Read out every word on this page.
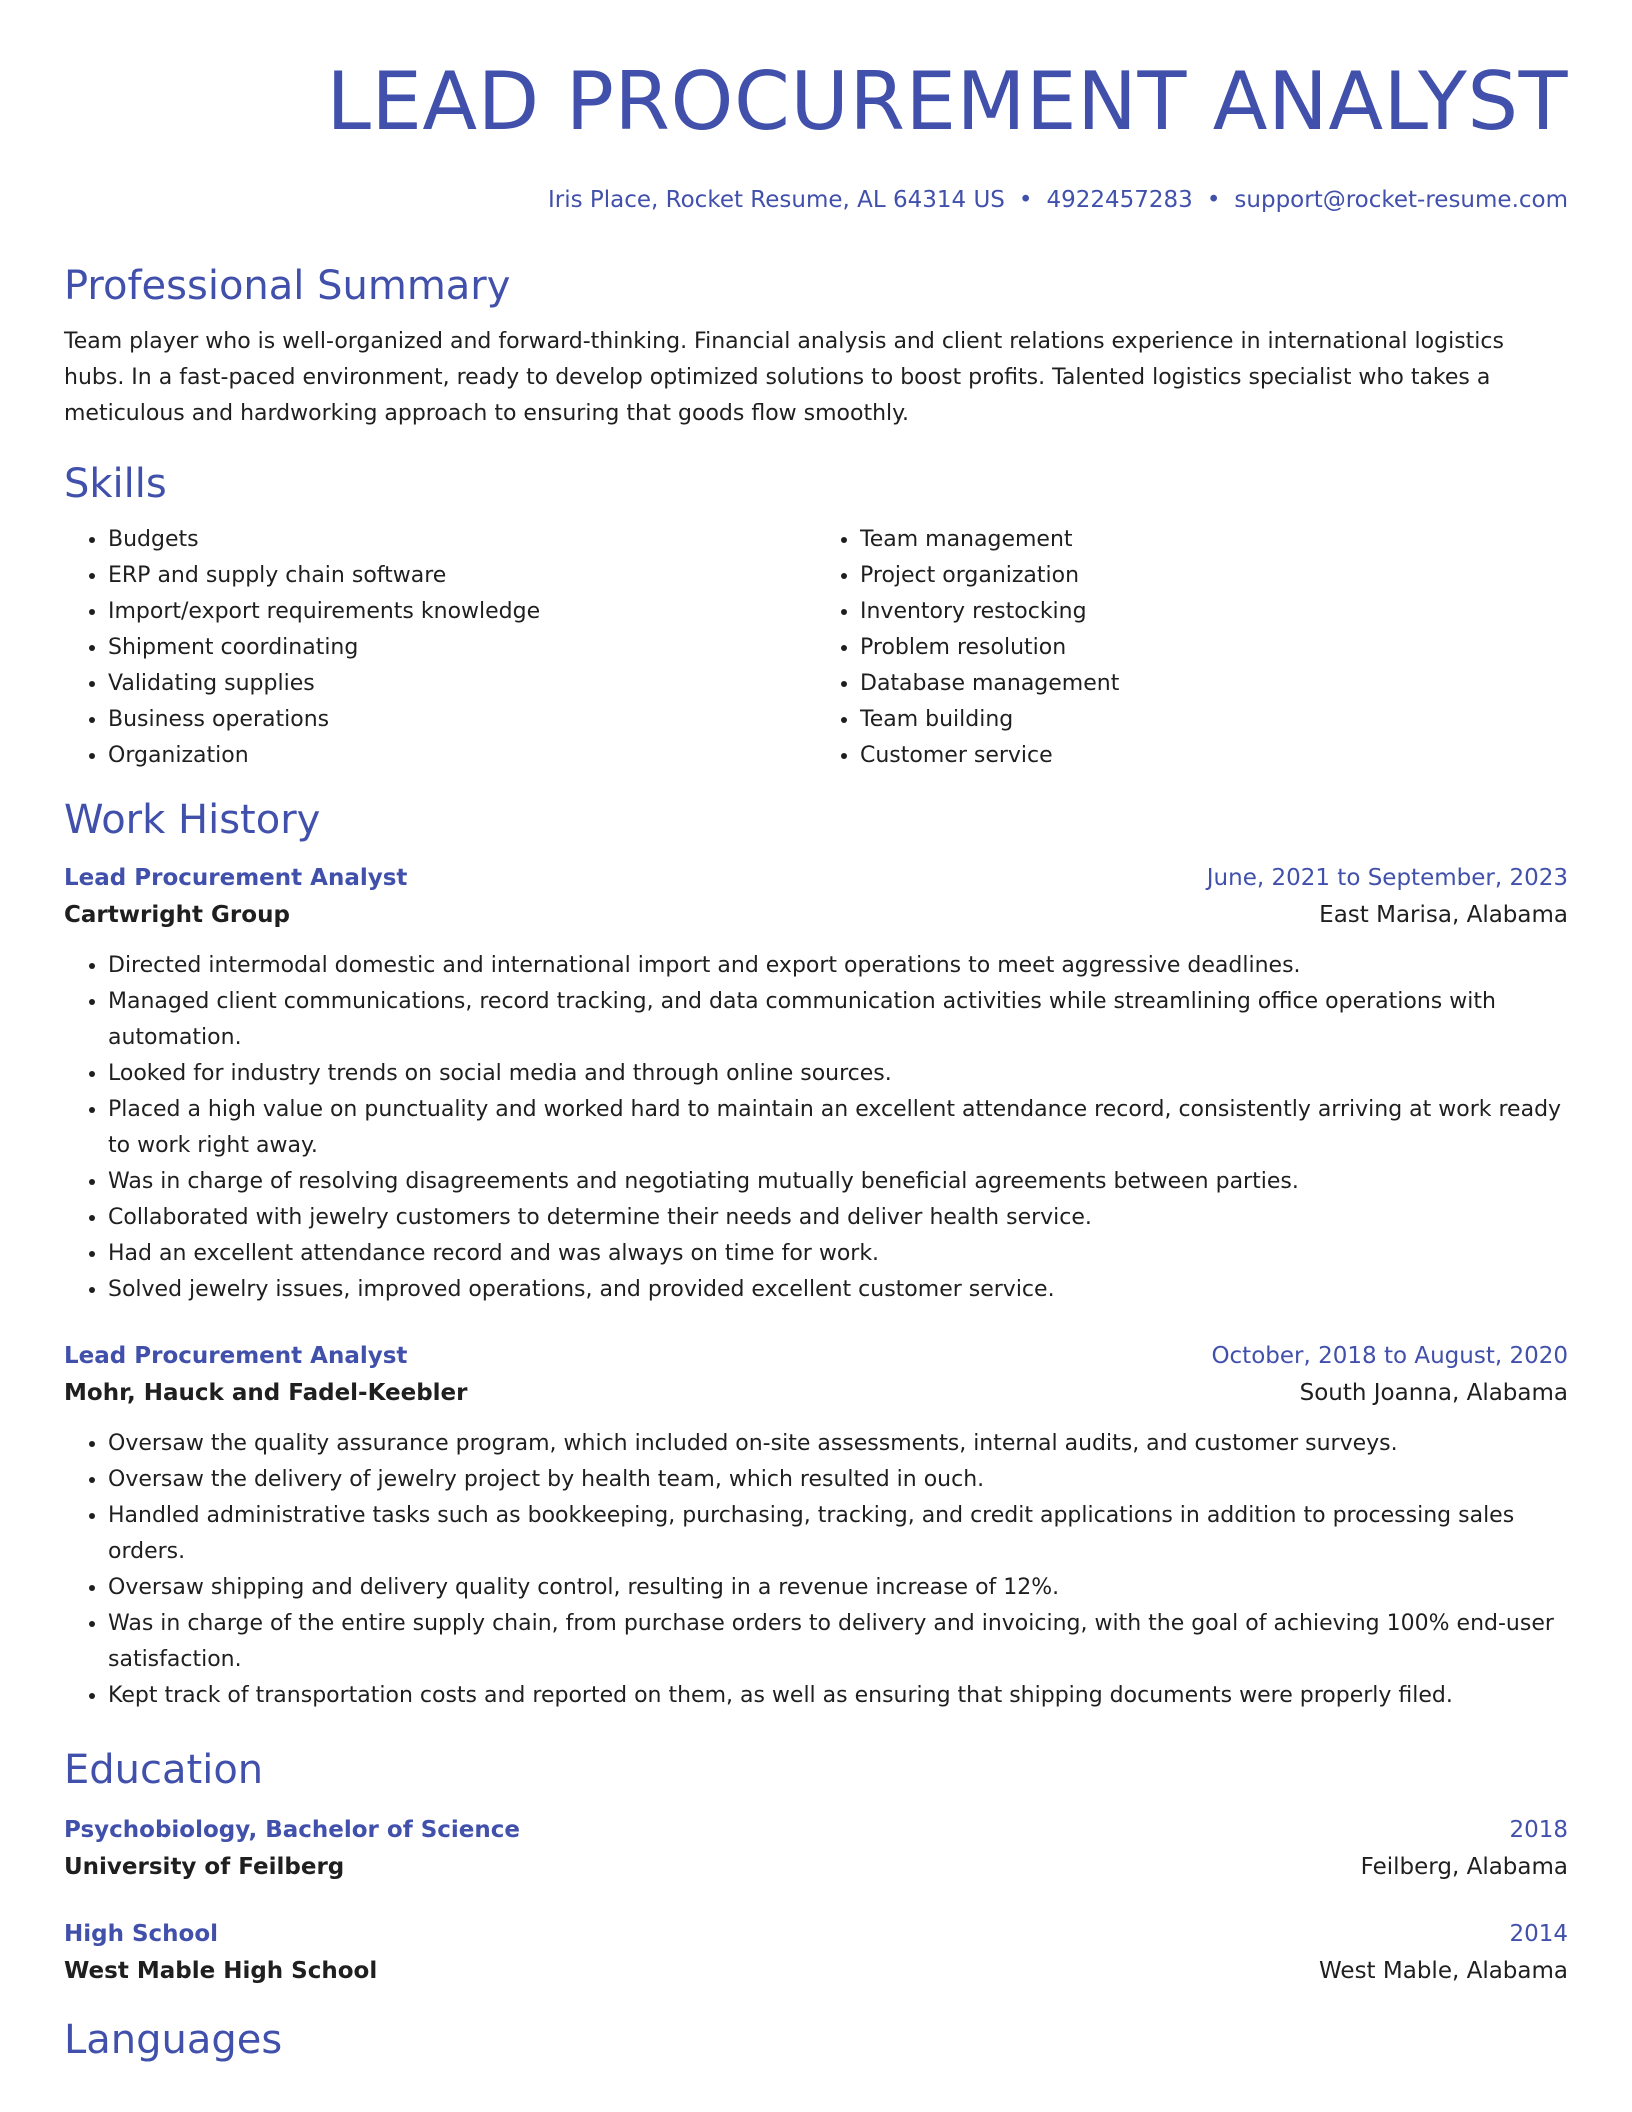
LEAD PROCUREMENT ANALYST
Iris Place, Rocket Resume, AL 64314 US • 4922457283 • support@rocket-resume.com
Professional Summary
Team player who is well-organized and forward-thinking. Financial analysis and client relations experience in international logistics hubs. In a fast-paced environment, ready to develop optimized solutions to boost profits. Talented logistics specialist who takes a meticulous and hardworking approach to ensuring that goods flow smoothly.
Skills
• Budgets
• ERP and supply chain software
• Import/export requirements knowledge
• Shipment coordinating
• Validating supplies
• Business operations
• Organization
• Team management
• Project organization
• Inventory restocking
• Problem resolution
• Database management
• Team building
• Customer service
Work History
Lead Procurement Analyst	June, 2021 to September, 2023
Cartwright Group	East Marisa, Alabama
• Directed intermodal domestic and international import and export operations to meet aggressive deadlines.
• Managed client communications, record tracking, and data communication activities while streamlining office operations with automation.
• Looked for industry trends on social media and through online sources.
• Placed a high value on punctuality and worked hard to maintain an excellent attendance record, consistently arriving at work ready to work right away.
• Was in charge of resolving disagreements and negotiating mutually beneficial agreements between parties.
• Collaborated with jewelry customers to determine their needs and deliver health service.
• Had an excellent attendance record and was always on time for work.
• Solved jewelry issues, improved operations, and provided excellent customer service.
Lead Procurement Analyst	October, 2018 to August, 2020
Mohr, Hauck and Fadel-Keebler	South Joanna, Alabama
• Oversaw the quality assurance program, which included on-site assessments, internal audits, and customer surveys.
• Oversaw the delivery of jewelry project by health team, which resulted in ouch.
• Handled administrative tasks such as bookkeeping, purchasing, tracking, and credit applications in addition to processing sales orders.
• Oversaw shipping and delivery quality control, resulting in a revenue increase of 12%.
• Was in charge of the entire supply chain, from purchase orders to delivery and invoicing, with the goal of achieving 100% end-user satisfaction.
• Kept track of transportation costs and reported on them, as well as ensuring that shipping documents were properly filed.
Education
Psychobiology, Bachelor of Science	2018
University of Feilberg	Feilberg, Alabama
High School	2014
West Mable High School	West Mable, Alabama
Languages
